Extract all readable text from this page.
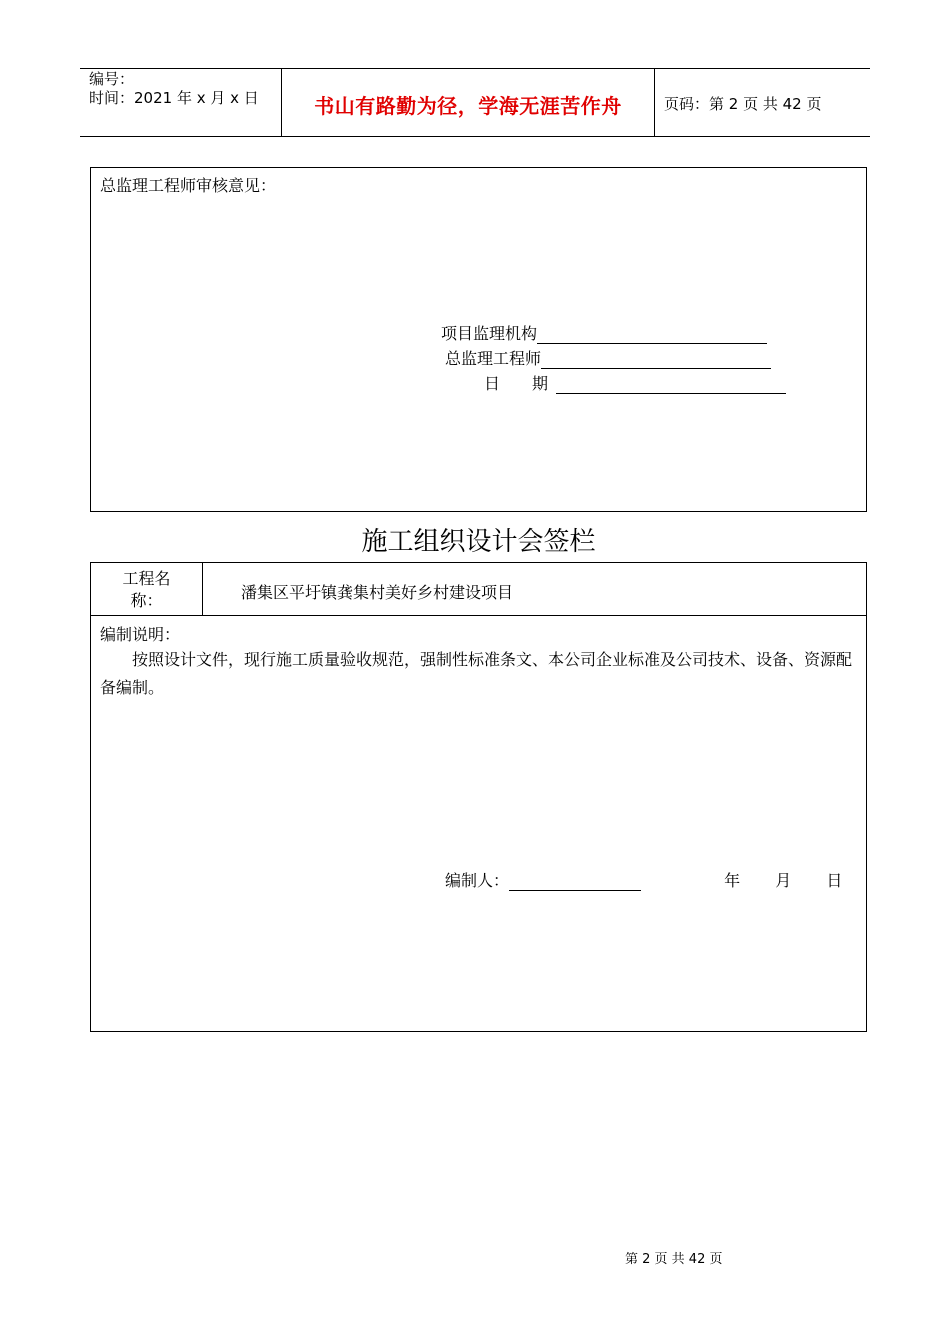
编号：
时间：2021 年 x 月 x 日	书山有路勤为径，学海无涯苦作舟	页码：第 2 页 共 42 页
总监理工程师审核意见：
项目监理机构
总监理工程师
日　　期
施工组织设计会签栏
工程名称：	潘集区平圩镇龚集村美好乡村建设项目
编制说明：
按照设计文件，现行施工质量验收规范，强制性标准条文、本公司企业标准及公司技术、设备、资源配备编制。
编制人：	年 月 日
第 2 页 共 42 页
